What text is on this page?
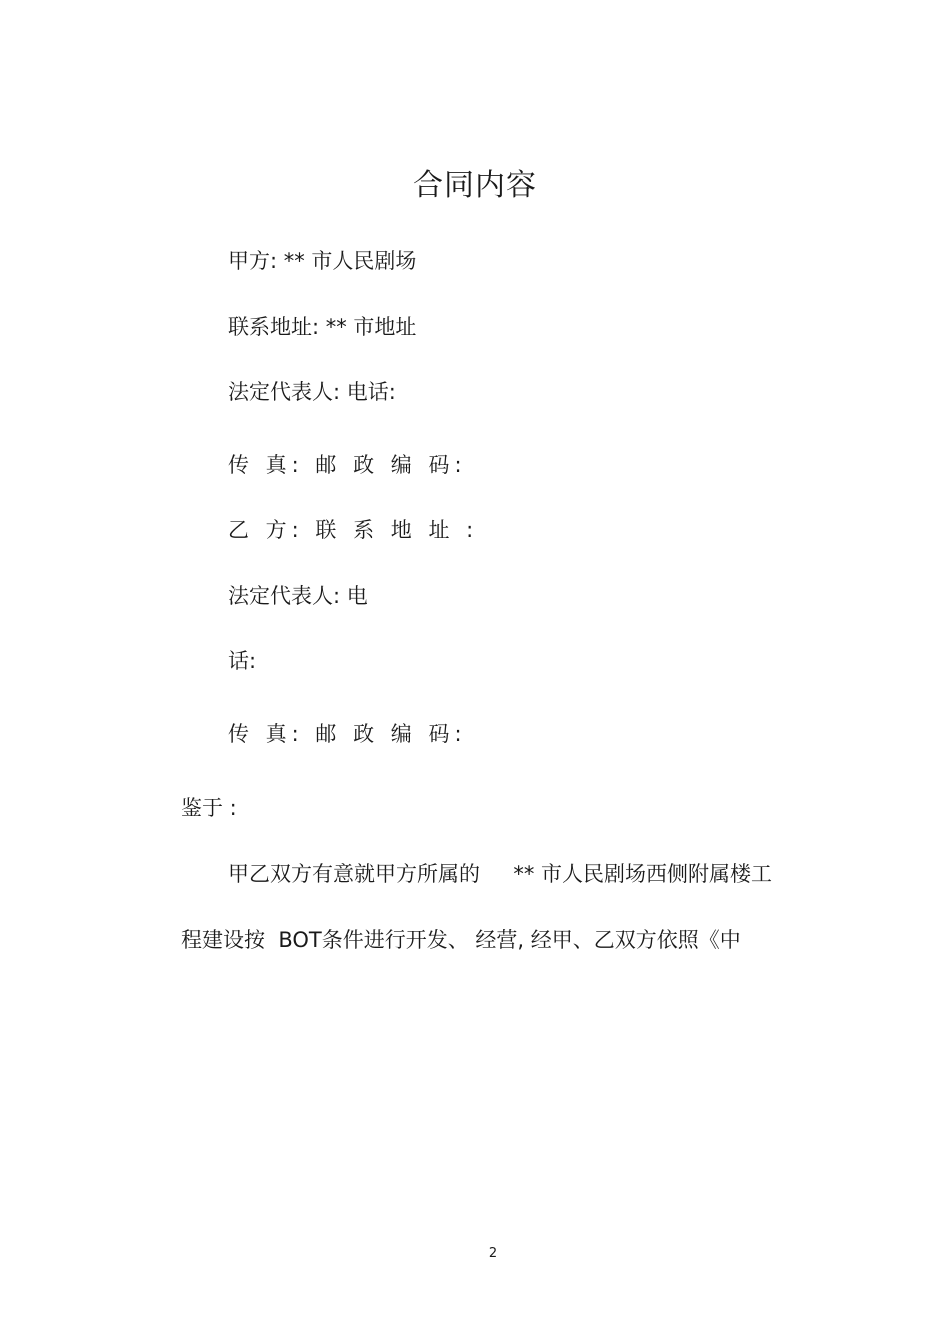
合同内容
甲方: ** 市人民剧场
联系地址: ** 市地址
法定代表人: 电话:
传 真: 邮 政 编 码:
乙 方: 联 系 地 址 :
法定代表人: 电
话:
传 真: 邮 政 编 码:
鉴于 :
甲乙双方有意就甲方所属的     ** 市人民剧场西侧附属楼工
程建设按  BOT条件进行开发、 经营, 经甲、乙双方依照《中
2
